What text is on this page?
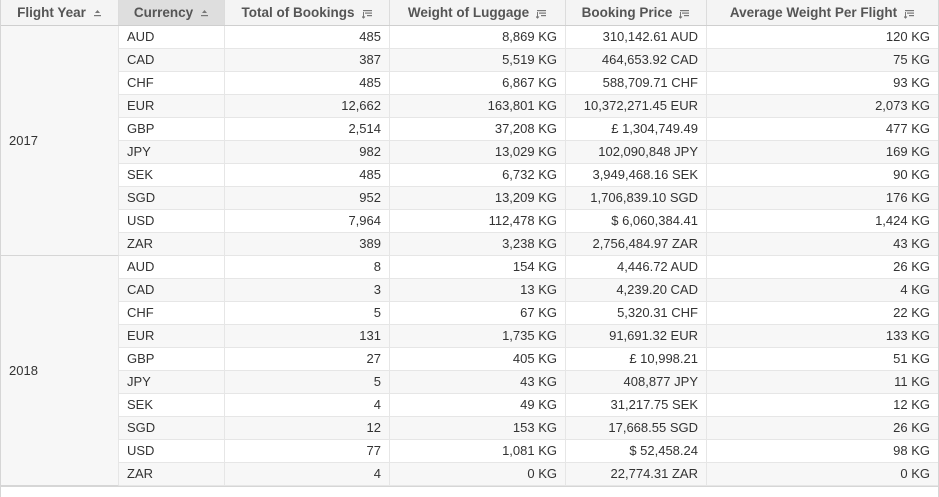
Flight Year	Currency	Total of Bookings	Weight of Luggage	Booking Price	Average Weight Per Flight
2017
AUD	485	8,869 KG	310,142.61 AUD	120 KG
CAD	387	5,519 KG	464,653.92 CAD	75 KG
CHF	485	6,867 KG	588,709.71 CHF	93 KG
EUR	12,662	163,801 KG	10,372,271.45 EUR	2,073 KG
GBP	2,514	37,208 KG	£ 1,304,749.49	477 KG
JPY	982	13,029 KG	102,090,848 JPY	169 KG
SEK	485	6,732 KG	3,949,468.16 SEK	90 KG
SGD	952	13,209 KG	1,706,839.10 SGD	176 KG
USD	7,964	112,478 KG	$ 6,060,384.41	1,424 KG
ZAR	389	3,238 KG	2,756,484.97 ZAR	43 KG
2018
AUD	8	154 KG	4,446.72 AUD	26 KG
CAD	3	13 KG	4,239.20 CAD	4 KG
CHF	5	67 KG	5,320.31 CHF	22 KG
EUR	131	1,735 KG	91,691.32 EUR	133 KG
GBP	27	405 KG	£ 10,998.21	51 KG
JPY	5	43 KG	408,877 JPY	11 KG
SEK	4	49 KG	31,217.75 SEK	12 KG
SGD	12	153 KG	17,668.55 SGD	26 KG
USD	77	1,081 KG	$ 52,458.24	98 KG
ZAR	4	0 KG	22,774.31 ZAR	0 KG
